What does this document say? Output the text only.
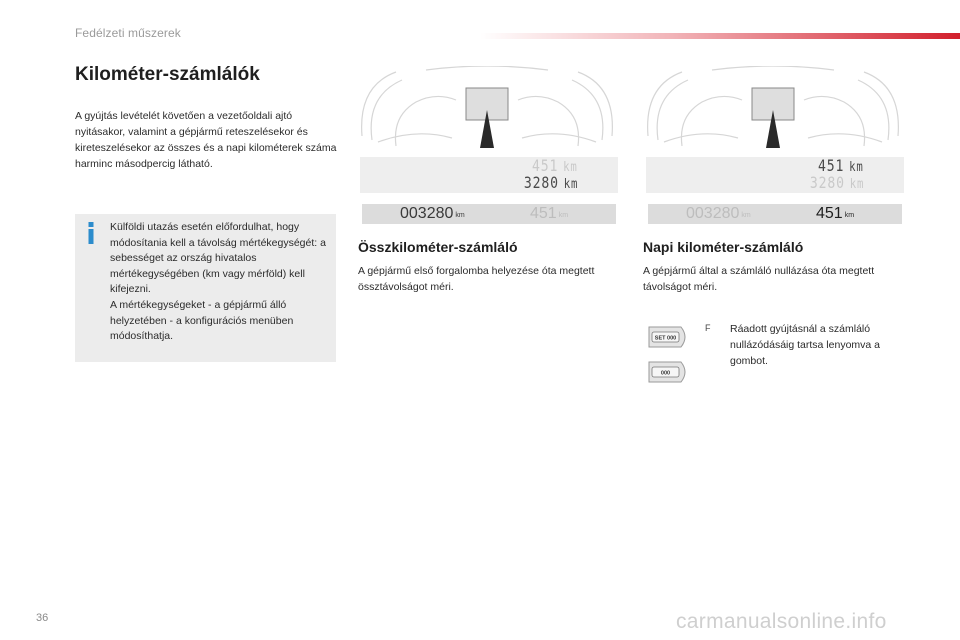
Fedélzeti műszerek
Kilométer-számlálók
A gyújtás levételét követően a vezetőoldali ajtó nyitásakor, valamint a gépjármű reteszelésekor és kireteszelésekor az összes és a napi kilométerek száma harminc másodpercig látható.
Külföldi utazás esetén előfordulhat, hogy módosítania kell a távolság mértékegységét: a sebességet az ország hivatalos mértékegységében (km vagy mérföld) kell kifejezni.
A mértékegységeket - a gépjármű álló helyzetében - a konfigurációs menüben módosíthatja.
451 km
3280 km
451 km
3280 km
003280 km	451 km	003280 km	451 km
Összkilométer-számláló
A gépjármű első forgalomba helyezése óta megtett össztávolságot méri.
Napi kilométer-számláló
A gépjármű által a számláló nullázása óta megtett távolságot méri.
SET 000
000
F Ráadott gyújtásnál a számláló nullázódásáig tartsa lenyomva a gombot.
36	carmanualsonline.info
